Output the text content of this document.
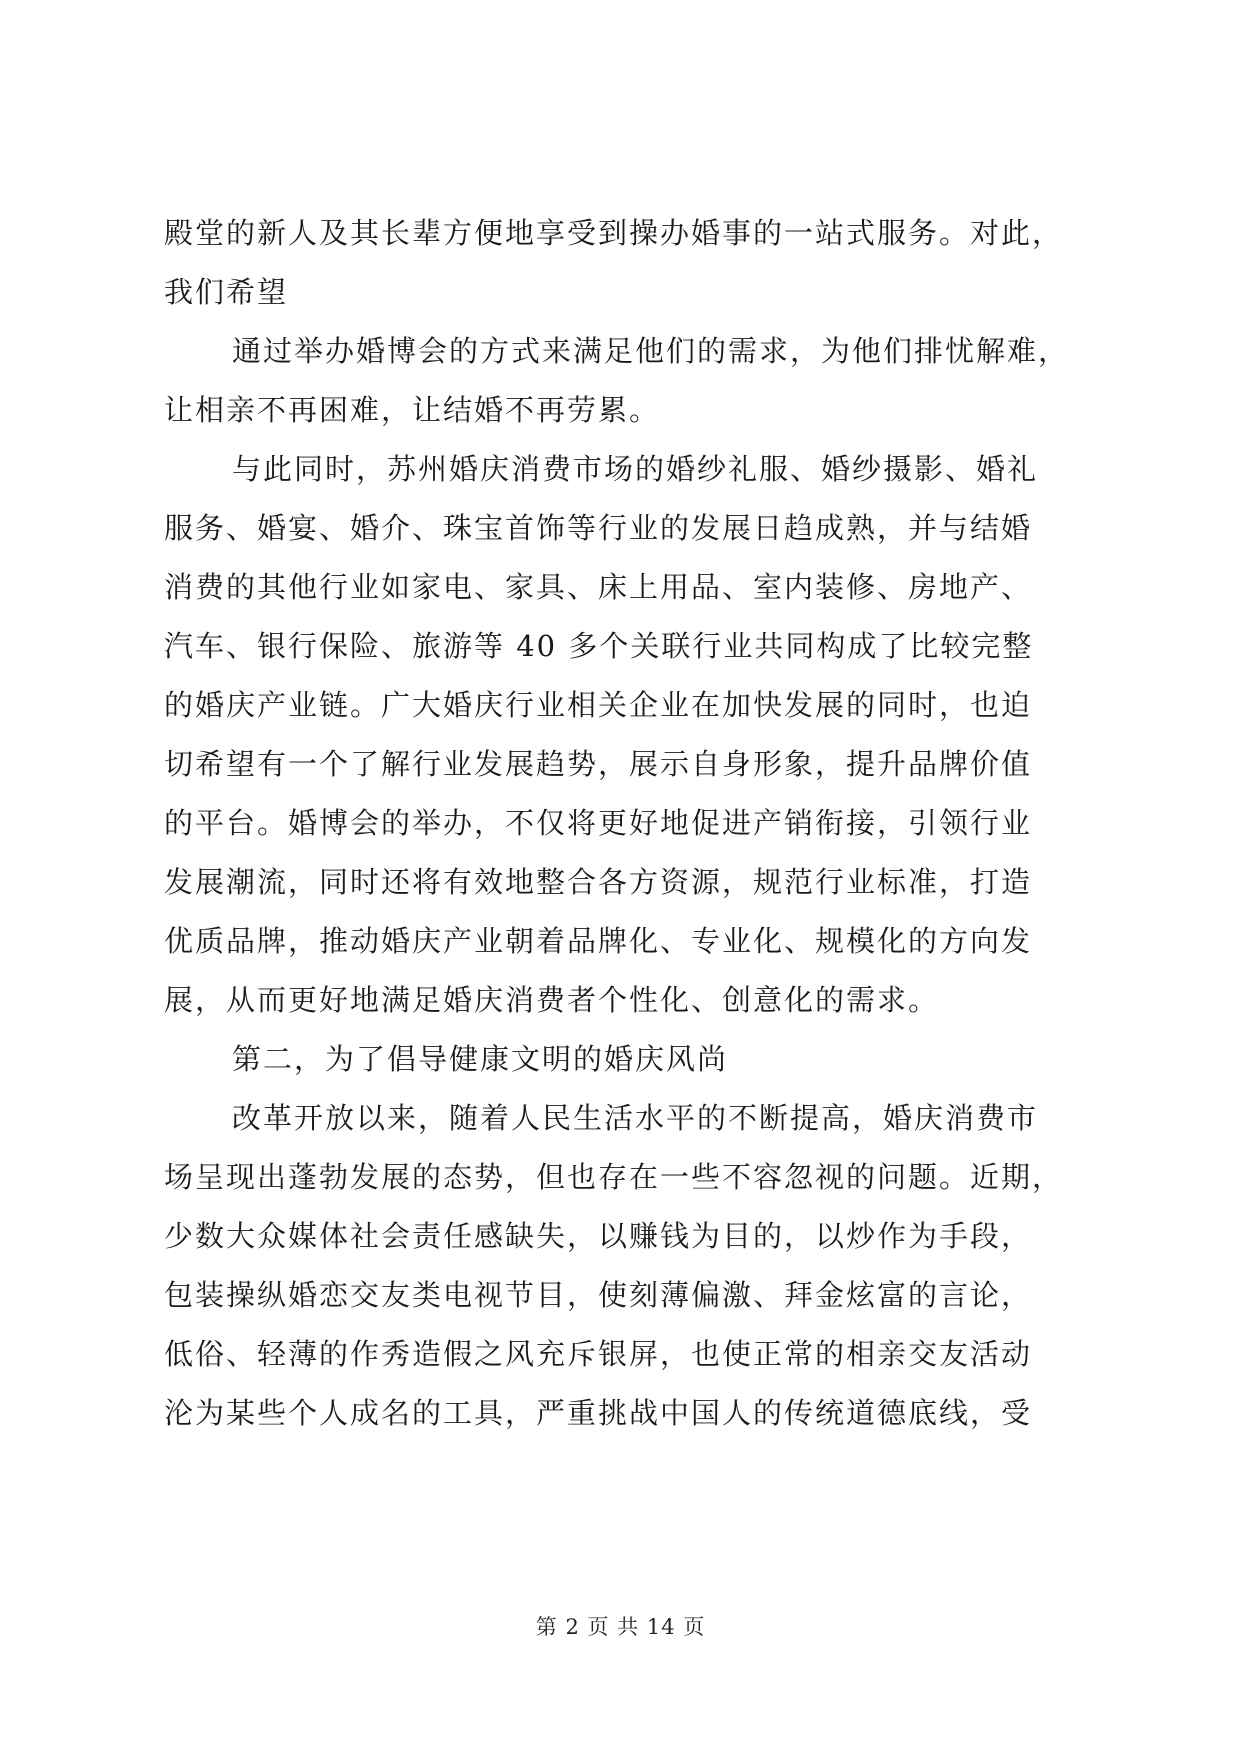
殿堂的新人及其长辈方便地享受到操办婚事的一站式服务。对此，
我们希望
通过举办婚博会的方式来满足他们的需求，为他们排忧解难，
让相亲不再困难，让结婚不再劳累。
与此同时，苏州婚庆消费市场的婚纱礼服、婚纱摄影、婚礼
服务、婚宴、婚介、珠宝首饰等行业的发展日趋成熟，并与结婚
消费的其他行业如家电、家具、床上用品、室内装修、房地产、
汽车、银行保险、旅游等 40 多个关联行业共同构成了比较完整
的婚庆产业链。广大婚庆行业相关企业在加快发展的同时，也迫
切希望有一个了解行业发展趋势，展示自身形象，提升品牌价值
的平台。婚博会的举办，不仅将更好地促进产销衔接，引领行业
发展潮流，同时还将有效地整合各方资源，规范行业标准，打造
优质品牌，推动婚庆产业朝着品牌化、专业化、规模化的方向发
展，从而更好地满足婚庆消费者个性化、创意化的需求。
第二，为了倡导健康文明的婚庆风尚
改革开放以来，随着人民生活水平的不断提高，婚庆消费市
场呈现出蓬勃发展的态势，但也存在一些不容忽视的问题。近期，
少数大众媒体社会责任感缺失，以赚钱为目的，以炒作为手段，
包装操纵婚恋交友类电视节目，使刻薄偏激、拜金炫富的言论，
低俗、轻薄的作秀造假之风充斥银屏，也使正常的相亲交友活动
沦为某些个人成名的工具，严重挑战中国人的传统道德底线，受
第 2 页 共 14 页
